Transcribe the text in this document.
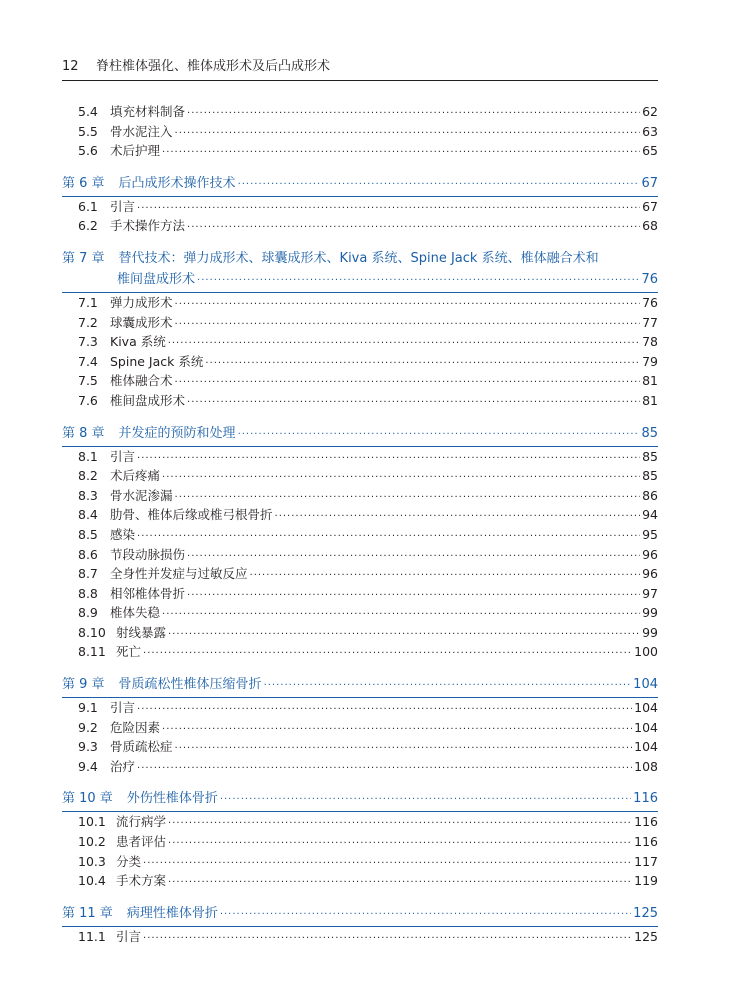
12 脊柱椎体强化、椎体成形术及后凸成形术
5.4 填充材料制备 ·····	62
5.5 骨水泥注入 ·····	63
5.6 术后护理 ·····	65
第 6 章 后凸成形术操作技术 ·····	67
6.1 引言 ·····	67
6.2 手术操作方法 ·····	68
第 7 章 替代技术：弹力成形术、球囊成形术、Kiva 系统、Spine Jack 系统、椎体融合术和
椎间盘成形术 ·····	76
7.1 弹力成形术 ·····	76
7.2 球囊成形术 ·····	77
7.3 Kiva 系统 ·····	78
7.4 Spine Jack 系统 ·····	79
7.5 椎体融合术 ·····	81
7.6 椎间盘成形术 ·····	81
第 8 章 并发症的预防和处理 ·····	85
8.1 引言 ·····	85
8.2 术后疼痛 ·····	85
8.3 骨水泥渗漏 ·····	86
8.4 肋骨、椎体后缘或椎弓根骨折 ·····	94
8.5 感染 ·····	95
8.6 节段动脉损伤 ·····	96
8.7 全身性并发症与过敏反应 ·····	96
8.8 相邻椎体骨折 ·····	97
8.9 椎体失稳 ·····	99
8.10 射线暴露 ·····	99
8.11 死亡 ·····	100
第 9 章 骨质疏松性椎体压缩骨折 ·····	104
9.1 引言 ·····	104
9.2 危险因素 ·····	104
9.3 骨质疏松症 ·····	104
9.4 治疗 ·····	108
第 10 章 外伤性椎体骨折 ·····	116
10.1 流行病学 ·····	116
10.2 患者评估 ·····	116
10.3 分类 ·····	117
10.4 手术方案 ·····	119
第 11 章 病理性椎体骨折 ·····	125
11.1 引言 ·····	125
